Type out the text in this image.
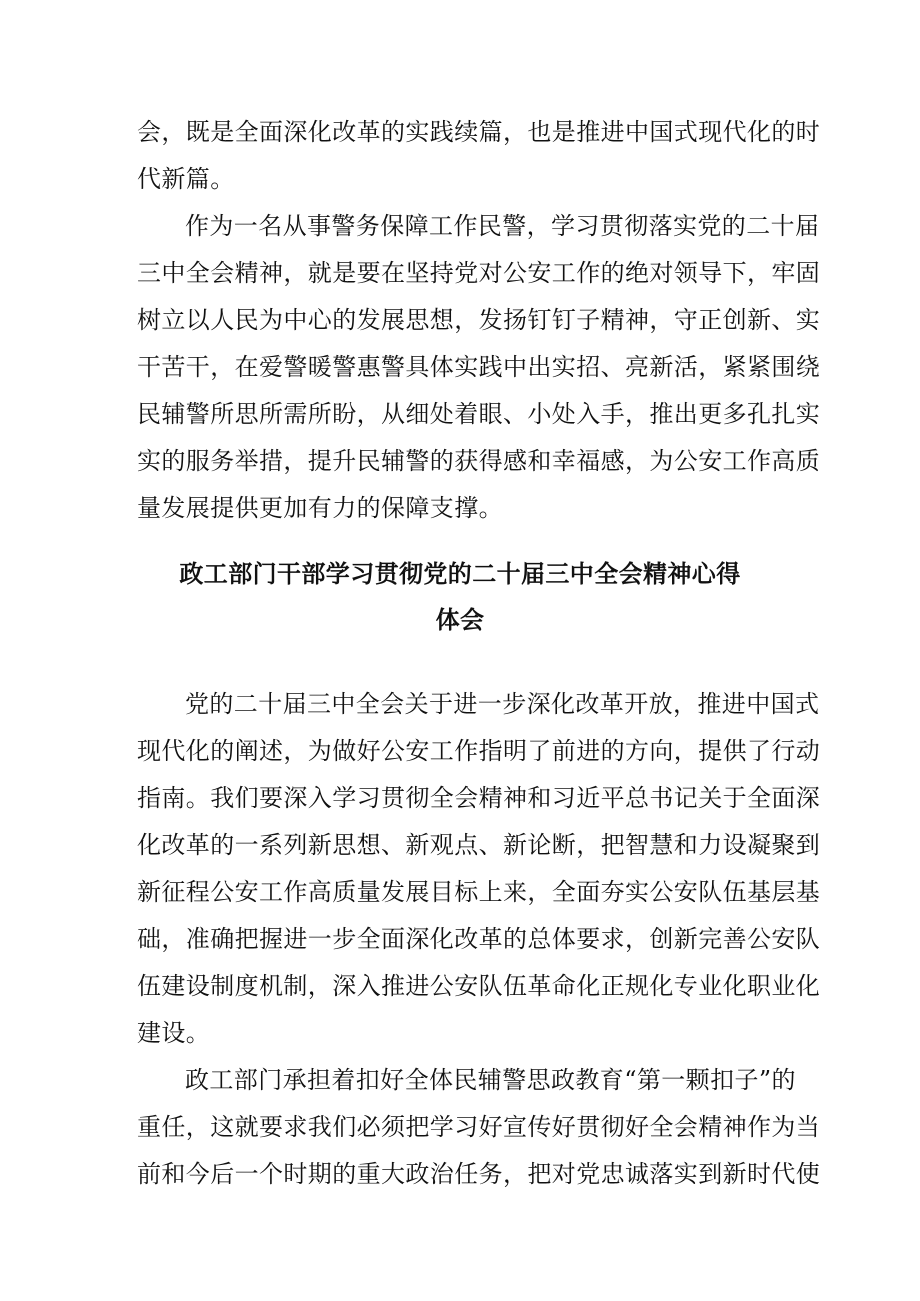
会，既是全面深化改革的实践续篇，也是推进中国式现代化的时
代新篇。
作为一名从事警务保障工作民警，学习贯彻落实党的二十届
三中全会精神，就是要在坚持党对公安工作的绝对领导下，牢固
树立以人民为中心的发展思想，发扬钉钉子精神，守正创新、实
干苦干，在爱警暖警惠警具体实践中出实招、亮新活，紧紧围绕
民辅警所思所需所盼，从细处着眼、小处入手，推出更多孔扎实
实的服务举措，提升民辅警的获得感和幸福感，为公安工作高质
量发展提供更加有力的保障支撑。
政工部门干部学习贯彻党的二十届三中全会精神心得
体会
党的二十届三中全会关于进一步深化改革开放，推进中国式
现代化的阐述，为做好公安工作指明了前进的方向，提供了行动
指南。我们要深入学习贯彻全会精神和习近平总书记关于全面深
化改革的一系列新思想、新观点、新论断，把智慧和力设凝聚到
新征程公安工作高质量发展目标上来，全面夯实公安队伍基层基
础，准确把握进一步全面深化改革的总体要求，创新完善公安队
伍建设制度机制，深入推进公安队伍革命化正规化专业化职业化
建设。
政工部门承担着扣好全体民辅警思政教育“第一颗扣子”的
重任，这就要求我们必须把学习好宣传好贯彻好全会精神作为当
前和今后一个时期的重大政治任务，把对党忠诚落实到新时代使
